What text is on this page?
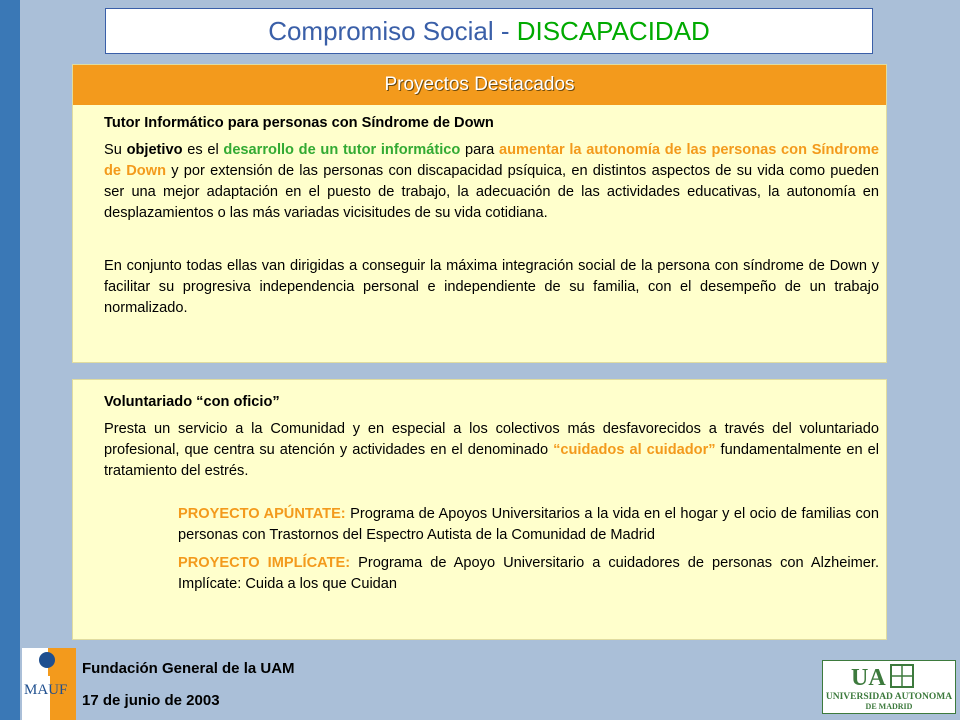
Compromiso Social - DISCAPACIDAD
Proyectos Destacados
Tutor Informático para personas con Síndrome de Down

Su objetivo es el desarrollo de un tutor informático para aumentar la autonomía de las personas con Síndrome de Down y por extensión de las personas con discapacidad psíquica, en distintos aspectos de su vida como pueden ser una mejor adaptación en el puesto de trabajo, la adecuación de las actividades educativas, la autonomía en desplazamientos o las más variadas vicisitudes de su vida cotidiana.

En conjunto todas ellas van dirigidas a conseguir la máxima integración social de la persona con síndrome de Down y facilitar su progresiva independencia personal e independiente de su familia, con el desempeño de un trabajo normalizado.

Voluntariado “con oficio”

Presta un servicio a la Comunidad y en especial a los colectivos más desfavorecidos a través del voluntariado profesional, que centra su atención y actividades en el denominado “cuidados al cuidador” fundamentalmente en el tratamiento del estrés.

PROYECTO APÚNTATE: Programa de Apoyos Universitarios a la vida en el hogar y el ocio de familias con personas con Trastornos del Espectro Autista de la Comunidad de Madrid

PROYECTO IMPLÍCATE: Programa de Apoyo Universitario a cuidadores de personas con Alzheimer. Implícate: Cuida a los que Cuidan

MAUF
Fundación General de la UAM
17 de junio de 2003
UA
UNIVERSIDAD AUTONOMA
DE MADRID
